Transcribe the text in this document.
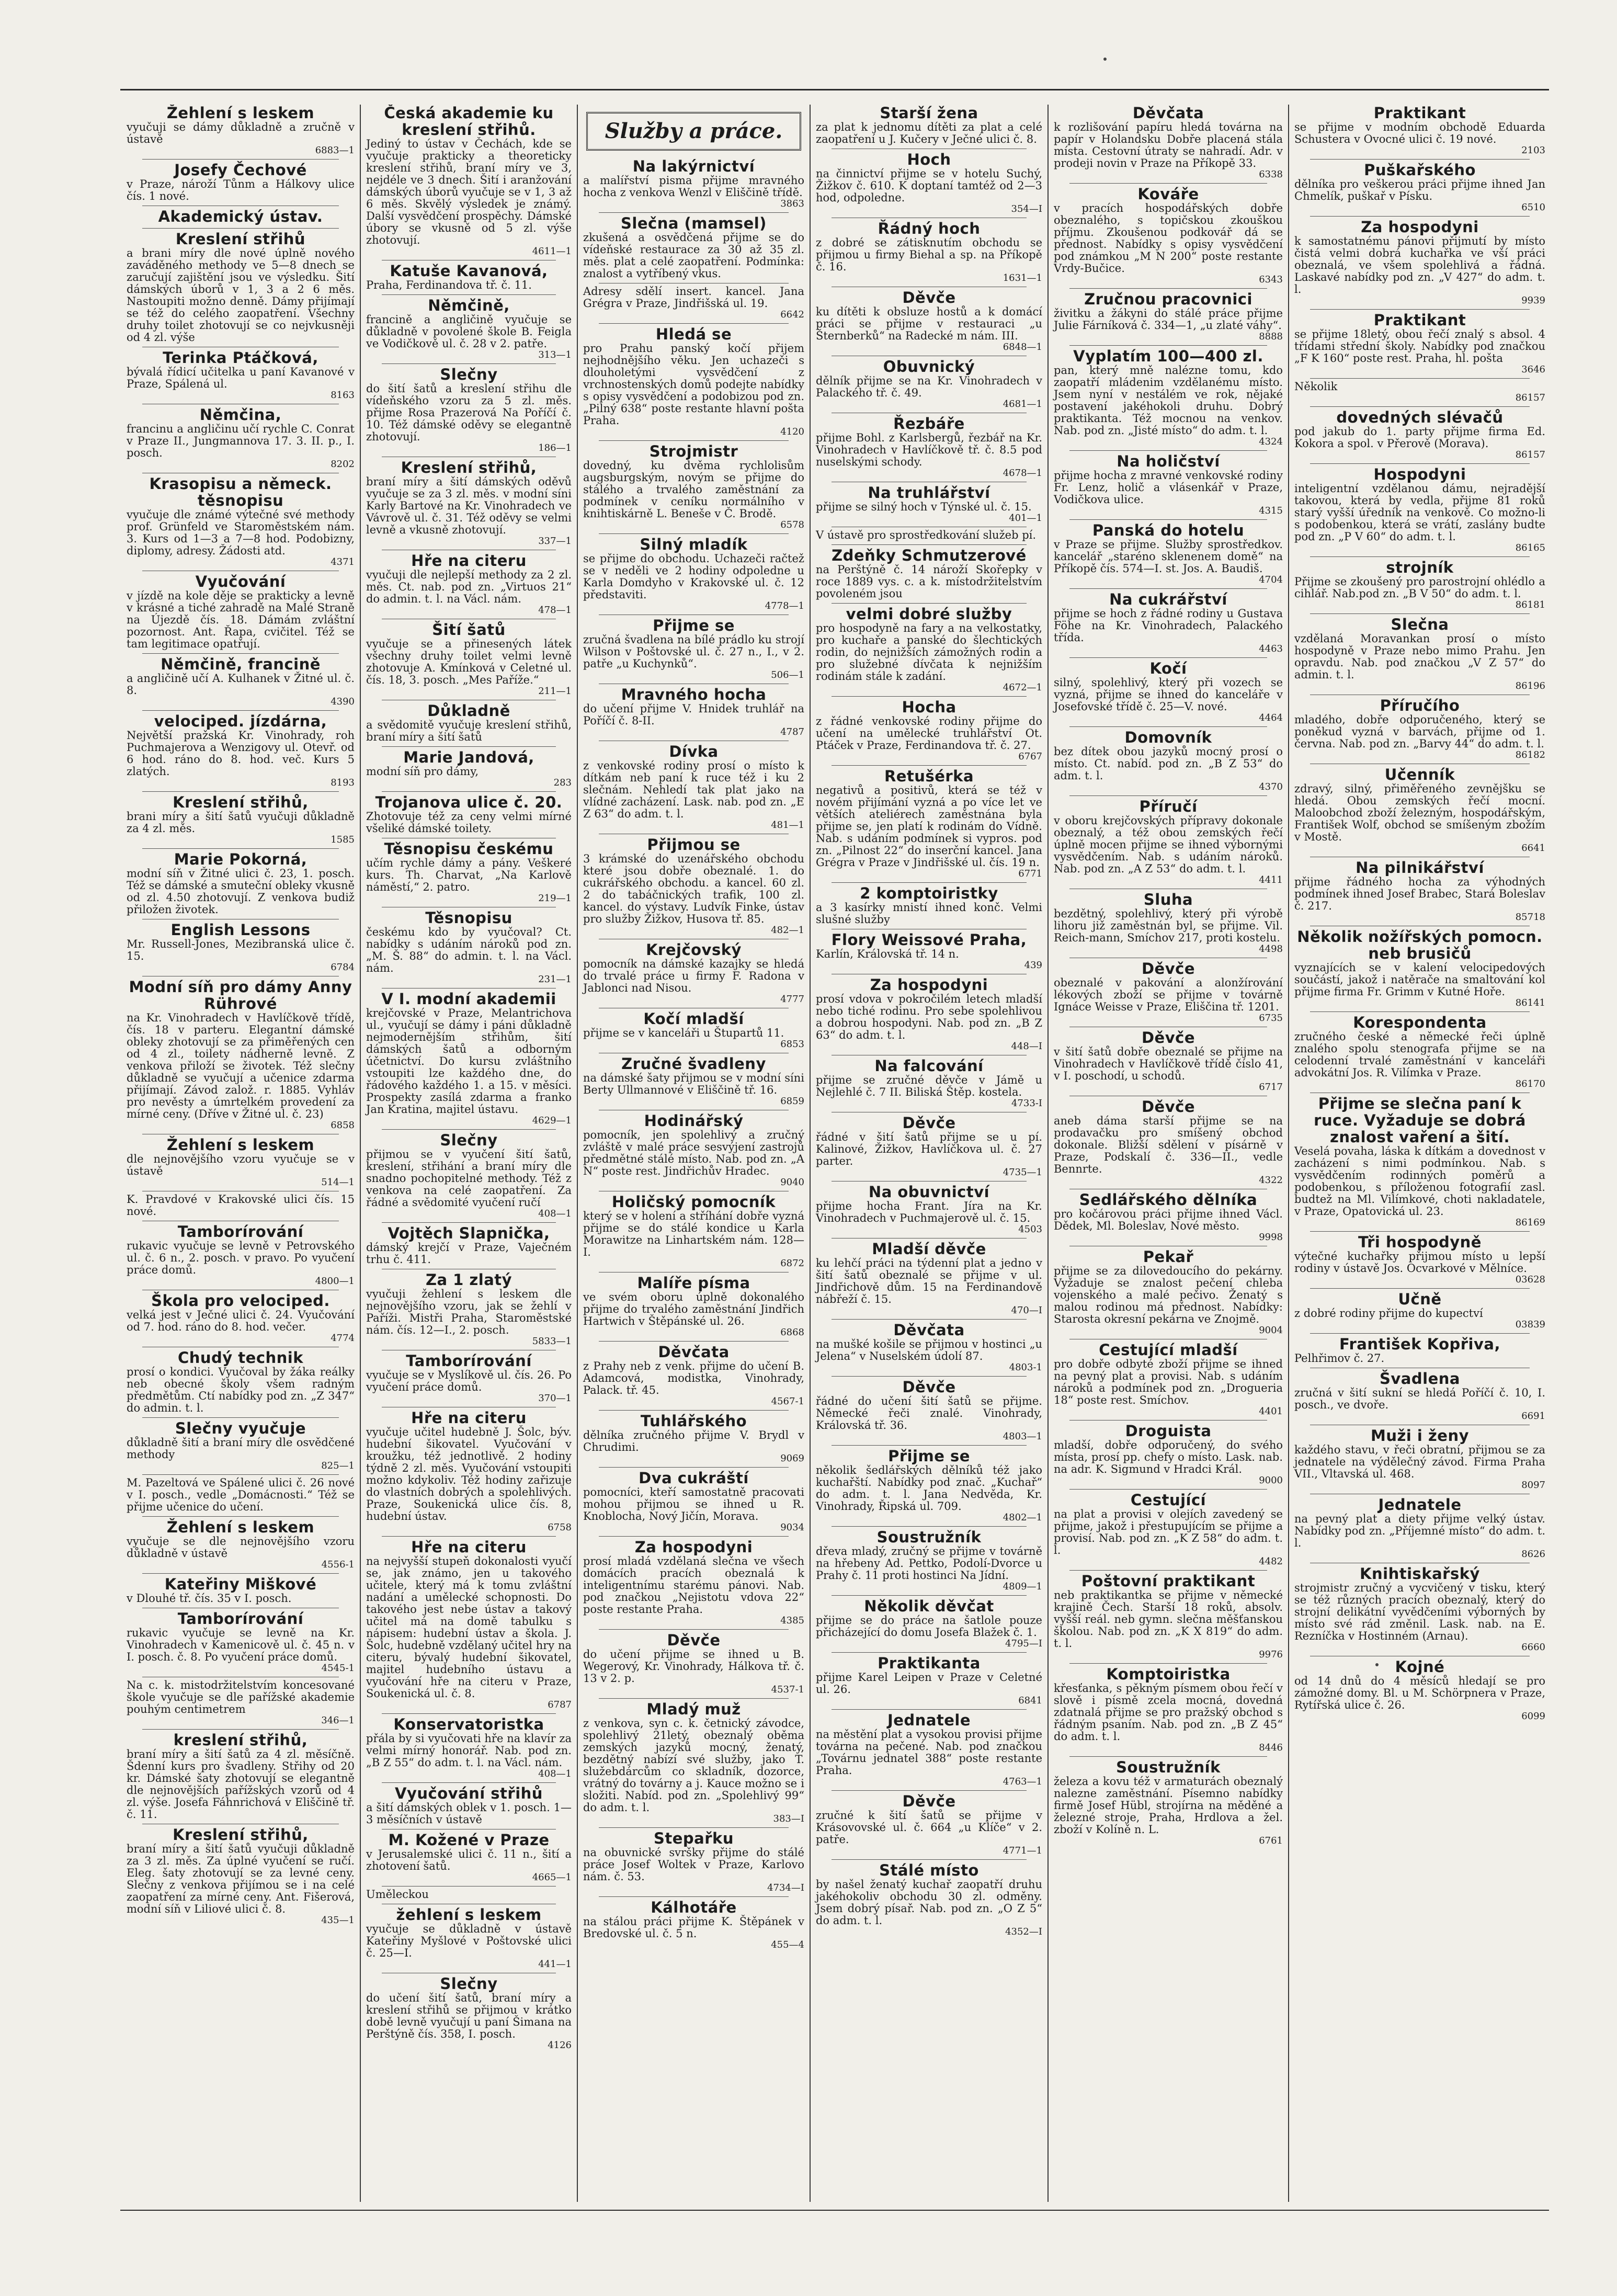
Žehlení s leskem

vyučuji se dámy důkladně a zručně v ústavě

6883—1
Josefy Čechové

v Praze, nároží Tůnm a Hálkovy ulice čís. 1 nové.

Akademický ústav.
Kreslení střihů

a brani míry dle nové úplně nového zaváděného methody ve 5—8 dnech se zaručují zajištění jsou ve výsledku. Šití dámských úborů v 1, 3 a 2 6 měs. Nastoupiti možno denně. Dámy přijímají se též do celého zaopatření. Všechny druhy toilet zhotovují se co nejvkusněji od 4 zl. výše

Terinka Ptáčková,

bývalá řídicí učitelka u paní Kavanové v Praze, Spálená ul.

8163
Němčina,

francinu a angličinu učí rychle C. Conrat v Praze II., Jungmannova 17. 3. II. p., I. posch.

8202
Krasopisu a německ. těsnopisu

vyučuje dle známé výtečné své methody prof. Grünfeld ve Staroměstském nám. 3. Kurs od 1—3 a 7—8 hod. Podobizny, diplomy, adresy. Žádosti atd.

4371
Vyučování

v jízdě na kole děje se prakticky a levně v krásné a tiché zahradě na Malé Straně na Újezdě čís. 18. Dámám zvláštní pozornost. Ant. Řapa, cvičitel. Též se tam legitimace opatřují.

Němčině, francině

a angličině učí A. Kulhanek v Žitné ul. č. 8.

4390
velociped. jízdárna,

Největší pražská Kr. Vinohrady, roh Puchmajerova a Wenzigovy ul. Otevř. od 6 hod. ráno do 8. hod. več. Kurs 5 zlatých.

8193
Kreslení střihů,

brani míry a šití šatů vyučuji důkladně za 4 zl. měs.

1585
Marie Pokorná,

modní síň v Žitné ulici č. 23, 1. posch. Též se dámské a smuteční obleky vkusně od zl. 4.50 zhotovují. Z venkova budiž přiložen životek.

English Lessons

Mr. Russell-Jones, Mezibranská ulice č. 15.

6784
Modní síň pro dámy Anny Rührové

na Kr. Vinohradech v Havlíčkově třídě, čís. 18 v parteru. Elegantní dámské obleky zhotovují se za přiměřených cen od 4 zl., toilety nádherně levně. Z venkova přiloží se životek. Též slečny důkladně se vyučují a učenice zdarma přijímají. Závod založ. r. 1885. Vyhláv pro nevěsty a úmrtelkém provedení za mírné ceny. (Dříve v Žitné ul. č. 23)

6858
Žehlení s leskem

dle nejnovějšího vzoru vyučuje se v ústavě

514—1

K. Pravdové v Krakovské ulici čís. 15 nové.

Tamborírování

rukavic vyučuje se levně v Petrovského ul. č. 6 n., 2. posch. v pravo. Po vyučení práce domů.

4800—1
Škola pro velociped.

velká jest v Ječné ulici č. 24. Vyučování od 7. hod. ráno do 8. hod. večer.

4774
Chudý technik

prosí o kondici. Vyučoval by žáka reálky neb obecné školy všem radným předmětům. Ctí nabídky pod zn. „Z 347“ do admin. t. l.

Slečny vyučuje

důkladně šití a braní míry dle osvědčené methody

825—1

M. Pazeltová ve Spálené ulici č. 26 nové v I. posch., vedle „Domácnosti.“ Též se přijme učenice do učení.

Žehlení s leskem

vyučuje se dle nejnovějšího vzoru důkladně v ústavě

4556-1
Kateřiny Miškové

v Dlouhé tř. čís. 35 v I. posch.

Tamborírování

rukavic vyučuje se levně na Kr. Vinohradech v Kamenicově ul. č. 45 n. v I. posch. č. 8. Po vyučení práce domů.

4545-1

Na c. k. mistodržitelstvím koncesované škole vyučuje se dle pařížské akademie pouhým centimetrem

346—1
kreslení střihů,

braní míry a šití šatů za 4 zl. měsíčně. Šdenní kurs pro švadleny. Střihy od 20 kr. Dámské šaty zhotovují se elegantně dle nejnovějších pařížských vzorů od 4 zl. výše. Josefa Fáhnrichová v Eliščině tř. č. 11.

Kreslení střihů,

braní míry a šití šatů vyučuji důkladně za 3 zl. měs. Za úplné vyučení se ručí. Eleg. šaty zhotovují se za levné ceny. Slečny z venkova přijímou se i na celé zaopatření za mírné ceny. Ant. Fišerová, modní síň v Liliové ulici č. 8.

435—1
Česká akademie ku kreslení střihů.

Jediný to ústav v Čechách, kde se vyučuje prakticky a theoreticky kreslení střihů, braní míry ve 3, nejdéle ve 3 dnech. Šití i aranžování dámských úborů vyučuje se v 1, 3 až 6 měs. Skvělý výsledek je známý. Další vysvědčení prospěchy. Dámské úbory se vkusně od 5 zl. výše zhotovují.

4611—1
Katuše Kavanová,

Praha, Ferdinandova tř. č. 11.

Němčině,

francině a angličině vyučuje se důkladně v povolené škole B. Feigla ve Vodičkově ul. č. 28 v 2. patře.

313—1
Slečny

do šití šatů a kreslení střihu dle vídeňského vzoru za 5 zl. měs. přijme Rosa Prazerová Na Poříčí č. 10. Též dámské oděvy se elegantně zhotovují.

186—1
Kreslení střihů,

braní míry a šití dámských oděvů vyučuje se za 3 zl. měs. v modní síni Karly Bartové na Kr. Vinohradech ve Vávrově ul. č. 31. Též oděvy se velmi levně a vkusně zhotovují.

337—1
Hře na citeru

vyučuji dle nejlepší methody za 2 zl. měs. Ct. nab. pod zn. „Virtuos 21“ do admin. t. l. na Václ. nám.

478—1
Šití šatů

vyučuje se a přinesených látek všechny druhy toilet velmi levně zhotovuje A. Kmínková v Celetné ul. čís. 18, 3. posch. „Mes Paříže.“

211—1
Důkladně

a svědomitě vyučuje kreslení střihů, braní míry a šití šatů

Marie Jandová,

modní síň pro dámy,

283
Trojanova ulice č. 20.

Zhotovuje též za ceny velmi mírné všeliké dámské toilety.

Těsnopisu českému

učím rychle dámy a pány. Veškeré kurs. Th. Charvat, „Na Karlově náměstí,“ 2. patro.

219—1
Těsnopisu

českému kdo by vyučoval? Ct. nabídky s udáním nároků pod zn. „M. Š. 88“ do admin. t. l. na Václ. nám.

231—1
V I. modní akademii

krejčovské v Praze, Melantrichova ul., vyučují se dámy i páni důkladně nejmodernějším střihům, šití dámských šatů a odborným účetnictví. Do kursu zvláštního vstoupiti lze každého dne, do řádového každého 1. a 15. v měsíci. Prospekty zasílá zdarma a franko Jan Kratina, majitel ústavu.

4629—1
Slečny

přijmou se v vyučení šití šatů, kreslení, střihání a braní míry dle snadno pochopitelné methody. Též z venkova na celé zaopatření. Za řádné a svědomité vyučení ručí

408—1
Vojtěch Slapnička,

dámský krejčí v Praze, Vaječném trhu č. 411.

Za 1 zlatý

vyučuji žehlení s leskem dle nejnovějšího vzoru, jak se žehlí v Paříži. Mistři Praha, Staroměstské nám. čís. 12—I., 2. posch.

5833—1
Tamborírování

vyučuje se v Myslíkově ul. čís. 26. Po vyučení práce domů.

370—1
Hře na citeru

vyučuje učitel hudebně J. Šolc, býv. hudební šikovatel. Vyučování v kroužku, též jednotlivě. 2 hodiny týdně 2 zl. měs. Vyučování vstoupiti možno kdykoliv. Též hodiny zařizuje do vlastních dobrých a spolehlivých. Praze, Soukenická ulice čís. 8, hudební ústav.

6758
Hře na citeru

na nejvyšší stupeň dokonalosti vyučí se, jak známo, jen u takového učitele, který má k tomu zvláštní nadání a umělecké schopnosti. Do takového jest nebe ústav a takový učitel má na domě tabulku s nápisem: hudební ústav a škola. J. Šolc, hudebně vzdělaný učitel hry na citeru, bývalý hudební šikovatel, majitel hudebního ústavu a vyučování hře na citeru v Praze, Soukenická ul. č. 8.

6787
Konservatoristka

přála by si vyučovati hře na klavír za velmi mírný honorář. Nab. pod zn. „B Z 55“ do adm. t. l. na Václ. nám.

408—1
Vyučování střihů

a šití dámských oblek v 1. posch. 1—3 měsíčních v ústavě

M. Kožené v Praze

v Jerusalemské ulici č. 11 n., šití a zhotovení šatů.

4665—1

Uměleckou

žehlení s leskem

vyučuje se důkladně v ústavě Kateřiny Myšlové v Poštovské ulici č. 25—I.

441—1
Slečny

do učení šití šatů, braní míry a kreslení střihů se přijmou v krátko době levně vyučují u paní Šimana na Perštýně čís. 358, I. posch.

4126
Služby a práce.
Na lakýrnictví

a malířství pisma přijme mravného hocha z venkova Wenzl v Eliščině třídě.

3863
Slečna (mamsel)

zkušená a osvědčená přijme se do vídeňské restaurace za 30 až 35 zl. měs. plat a celé zaopatření. Podmínka: znalost a vytříbený vkus.

Adresy sdělí insert. kancel. Jana Grégra v Praze, Jindřišská ul. 19.

6642
Hledá se

pro Prahu panský kočí přijem nejhodnějšího věku. Jen uchazeči s dlouholetými vysvědčení z vrchnostenských domů podejte nabídky s opisy vysvědčení a podobizou pod zn. „Pilný 638“ poste restante hlavní pošta Praha.

4120
Strojmistr

dovedný, ku dvěma rychlolisům augsburgským, novým se přijme do stálého a trvalého zaměstnání za podmínek v ceníku normálního v knihtiskárně L. Beneše v Č. Brodě.

6578
Silný mladík

se přijme do obchodu. Uchazeči račtež se v neděli ve 2 hodiny odpoledne u Karla Domdyho v Krakovské ul. č. 12 představiti.

4778—1
Přijme se

zručná švadlena na bílé prádlo ku strojí Wilson v Poštovské ul. č. 27 n., I., v 2. patře „u Kuchynků“.

506—1
Mravného hocha

do učení přijme V. Hnidek truhlář na Poříčí č. 8-II.

4787
Dívka

z venkovské rodiny prosí o místo k dítkám neb paní k ruce též i ku 2 slečnám. Nehledí tak plat jako na vlídné zacházení. Lask. nab. pod zn. „E Z 63“ do adm. t. l.

481—1
Přijmou se

3 krámské do uzenářského obchodu které jsou dobře obeznalé. 1. do cukrářského obchodu. a kancel. 60 zl. 2 do tabáčnických trafik, 100 zl. kancel. do výstavy. Ludvík Finke, ústav pro služby Žižkov, Husova tř. 85.

482—1
Krejčovský

pomocník na dámské kazajky se hledá do trvalé práce u firmy F. Radona v Jablonci nad Nisou.

4777
Kočí mladší

přijme se v kanceláři u Štupartů 11.

6853
Zručné švadleny

na dámské šaty přijmou se v modní síni Berty Ullmannové v Eliščině tř. 16.

6859
Hodinářský

pomocník, jen spolehlivý a zručný zvláště v malé práce sesvýjení zastrojů předmětné stálé místo. Nab. pod zn. „A N“ poste rest. Jindřichův Hradec.

9040
Holičský pomocník

který se v holení a stříhání dobře vyzná přijme se do stálé kondice u Karla Morawitze na Linhartském nám. 128—I.

6872
Malíře písma

ve svém oboru úplně dokonalého přijme do trvalého zaměstnání Jindřich Hartwich v Štěpánské ul. 26.

6868
Děvčata

z Prahy neb z venk. přijme do učení B. Adamcová, modistka, Vinohrady, Palack. tř. 45.

4567-1
Tuhlářského

dělníka zručného přijme V. Brydl v Chrudimi.

9069
Dva cukráští

pomocníci, kteří samostatně pracovati mohou přijmou se ihned u R. Knoblocha, Nový Jičín, Morava.

9034
Za hospodyni

prosí mladá vzdělaná slečna ve všech domácích pracích obeznalá k inteligentnímu starému pánovi. Nab. pod značkou „Nejistotu vdova 22“ poste restante Praha.

4385
Děvče

do učení přijme se ihned u B. Wegerový, Kr. Vinohrady, Hálkova tř. č. 13 v 2. p.

4537-1
Mladý muž

z venkova, syn c. k. četnický závodce, spolehlivý 21letý, obeznalý oběma zemských jazyků mocný, ženatý, bezdětný nabízí své služby, jako T. služebdárcům co skladník, dozorce, vrátný do továrny a j. Kauce možno se i složiti. Nabíd. pod zn. „Spolehlivý 99“ do adm. t. l.

383—I
Stepařku

na obuvnické svršky přijme do stálé práce Josef Woltek v Praze, Karlovo nám. č. 53.

4734—I
Kálhotáře

na stálou práci přijme K. Štěpánek v Bredovské ul. č. 5 n.

455—4
Starší žena

za plat k jednomu dítěti za plat a celé zaopatření u J. Kučery v Ječné ulici č. 8.

Hoch

na činnictví přijme se v hotelu Suchý, Žižkov č. 610. K doptaní tamtéž od 2—3 hod, odpoledne.

354—I
Řádný hoch

z dobré se zátisknutím obchodu se přijmou u firmy Biehal a sp. na Příkopě č. 16.

1631—1
Děvče

ku dítěti k obsluze hostů a k domácí práci se přijme v restauraci „u Šternberků“ na Radecké m nám. III.

6848—1
Obuvnický

dělník přijme se na Kr. Vinohradech v Palackého tř. č. 49.

4681—1
Řezbáře

přijme Bohl. z Karlsbergů, řezbář na Kr. Vinohradech v Havlíčkově tř. č. 8.5 pod nuselskými schody.

4678—1
Na truhlářství

přijme se silný hoch v Týnské ul. č. 15.

401—1

V ústavě pro sprostředkování služeb pí.

Zdeňky Schmutzerové

na Perštýně č. 14 nároží Skořepky v roce 1889 vys. c. a k. místodržitelstvím povoleném jsou

velmi dobré služby

pro hospodyně na fary a na velkostatky, pro kuchaře a panské do šlechtických rodin, do nejnižších zámožných rodin a pro služebné dívčata k nejnižším rodinám stále k zadání.

4672—1
Hocha

z řádné venkovské rodiny přijme do učení na umělecké truhlářství Ot. Ptáček v Praze, Ferdinandova tř. č. 27.

6767
Retušérka

negativů a positivů, která se též v novém přijímání vyzná a po více let ve větších ateliérech zaměstnána byla přijme se, jen platí k rodinám do Vídně. Nab. s udáním podmínek si vypros. pod zn. „Pilnost 22“ do inserční kancel. Jana Grégra v Praze v Jindřišské ul. čís. 19 n.

6771
2 komptoiristky

a 3 kasírky mnistí ihned konč. Velmi slušné služby

Flory Weissové Praha,

Karlín, Královská tř. 14 n.

439
Za hospodyni

prosí vdova v pokročilém letech mladší nebo tiché rodinu. Pro sebe spolehlivou a dobrou hospodyni. Nab. pod zn. „B Z 63“ do adm. t. l.

448—I
Na falcování

přijme se zručné děvče v Jámě u Nejlehlé č. 7 II. Biliská Štěp. kostela.

4733-I
Děvče

řádné v šití šatů přijme se u pí. Kalinové, Žižkov, Havlíčkova ul. č. 27 parter.

4735—1
Na obuvnictví

přijme hocha Frant. Jíra na Kr. Vinohradech v Puchmajerově ul. č. 15.

4503
Mladší děvče

ku lehčí práci na týdenní plat a jedno v šití šatů obeznalé se přijme v ul. Jindřichově dům. 15 na Ferdinandově nábřeží č. 15.

470—I
Děvčata

na mušké košile se přijmou v hostinci „u Jelena“ v Nuselském údolí 87.

4803-1
Děvče

řádné do učení šití šatů se přijme. Německé řeči znalé. Vinohrady, Královská tř. 36.

4803—1
Přijme se

několik šedlářských dělníků též jako kuchařští. Nabídky pod znač. „Kuchař“ do adm. t. l. Jana Nedvěda, Kr. Vinohrady, Řipská ul. 709.

4802—1
Soustružník

dřeva mladý, zručný se přijme v továrně na hřebeny Ad. Pettko, Podolí-Dvorce u Prahy č. 11 proti hostinci Na Jídní.

4809—1
Několik děvčat

přijme se do práce na šatlole pouze přicházející do domu Josefa Blažek č. 1.

4795—I
Praktikanta

přijme Karel Leipen v Praze v Celetné ul. 26.

6841
Jednatele

na městění plat a vysokou provisi přijme továrna na pečené. Nab. pod značkou „Továrnu jednatel 388“ poste restante Praha.

4763—1
Děvče

zručné k šití šatů se přijme v Krásovovské ul. č. 664 „u Klíče“ v 2. patře.

4771—1
Stálé místo

by našel ženatý kuchař zaopatří druhu jakéhokoliv obchodu 30 zl. odměny. Jsem dobrý písař. Nab. pod zn. „O Z 5“ do adm. t. l.

4352—I
Děvčata

k rozlišování papíru hledá továrna na papír v Holandsku Dobře placená stála místa. Cestovní útraty se nahradí. Adr. v prodeji novin v Praze na Příkopě 33.

6338
Kováře

v pracích hospodářských dobře obeznalého, s topičskou zkouškou příjmu. Zkoušenou podkovář dá se přednost. Nabídky s opisy vysvědčení pod známkou „M N 200“ poste restante Vrdy-Bučice.

6343
Zručnou pracovnici

živitku a žákyni do stálé práce přijme Julie Fárníková č. 334—1, „u zlaté váhy“.

8888
Vyplatím 100—400 zl.

pan, který mně nalézne tomu, kdo zaopatří mládenim vzdělanému místo. Jsem nyní v nestálém ve rok, nějaké postavení jakéhokoli druhu. Dobrý praktikanta. Též mocnou na venkov. Nab. pod zn. „Jisté místo“ do adm. t. l.

4324
Na holičství

přijme hocha z mravné venkovské rodiny Fr. Lenz, holič a vlásenkář v Praze, Vodičkova ulice.

4315
Panská do hotelu

v Praze se přijme. Služby sprostředkov. kancelář „staréno sklenenem domě“ na Příkopě čís. 574—I. st. Jos. A. Baudiš.

4704
Na cukrářství

přijme se hoch z řádné rodiny u Gustava Föhe na Kr. Vinohradech, Palackého třída.

4463
Kočí

silný, spolehlivý, který při vozech se vyzná, přijme se ihned do kanceláře v Josefovské třídě č. 25—V. nové.

4464
Domovník

bez dítek obou jazyků mocný prosí o místo. Ct. nabíd. pod zn. „B Z 53“ do adm. t. l.

4370
Příručí

v oboru krejčovských přípravy dokonale obeznalý, a též obou zemských řečí úplně mocen přijme se ihned výbornými vysvědčením. Nab. s udáním nároků. Nab. pod zn. „A Z 53“ do adm. t. l.

4411
Sluha

bezdětný, spolehlivý, který při výrobě lihoru již zaměstnán byl, se přijme. Vil. Reich-mann, Smíchov 217, proti kostelu.

4498
Děvče

obeznalé v pakování a alonžírování lékových zboží se přijme v továrně Ignáce Weisse v Praze, Eliščina tř. 1201.

6735
Děvče

v šití šatů dobře obeznalé se přijme na Vinohradech v Havlíčkově třídě číslo 41, v I. poschodí, u schodů.

6717
Děvče

aneb dáma starší přijme se na prodavačku pro smíšený obchod dokonale. Bližší sdělení v písárně v Praze, Podskalí č. 336—II., vedle Bennrte.

4322
Sedlářského dělníka

pro kočárovou práci přijme ihned Václ. Dědek, Ml. Boleslav, Nové město.

9998
Pekař

přijme se za dilovedoucího do pekárny. Vyžaduje se znalost pečení chleba vojenského a malé pečivo. Ženatý s malou rodinou má přednost. Nabídky: Starosta okresní pekárna ve Znojmě.

9004
Cestující mladší

pro dobře odbyté zboží přijme se ihned na pevný plat a provisi. Nab. s udáním nároků a podmínek pod zn. „Drogueria 18“ poste rest. Smíchov.

4401
Droguista

mladší, dobře odporučený, do svého místa, prosí pp. chefy o místo. Lask. nab. na adr. K. Sigmund v Hradci Král.

9000
Cestující

na plat a provisi v olejích zavedený se přijme, jakož i přestupujícím se přijme a provisí. Nab. pod zn. „K Z 58“ do adm. t. l.

4482
Poštovní praktikant

neb praktikantka se přijme v německé krajině Čech. Starší 18 roků, absolv. vyšší reál. neb gymn. slečna měšťanskou školou. Nab. pod zn. „K X 819“ do adm. t. l.

9976
Komptoiristka

křesťanka, s pěkným písmem obou řečí v slově i písmě zcela mocná, dovedná zdatnalá přijme se pro pražský obchod s řádným psaním. Nab. pod zn. „B Z 45“ do adm. t. l.

8446
Soustružník

železa a kovu též v armaturách obeznalý nalezne zaměstnání. Písemno nabídky firmě Josef Hübl, strojírna na měděné a železné stroje, Praha, Hrdlova a žel. zboží v Kolíně n. L.

6761
Praktikant

se přijme v modním obchodě Eduarda Schustera v Ovocné ulici č. 19 nové.

2103
Puškařského

dělníka pro veškerou práci přijme ihned Jan Chmelík, puškař v Písku.

6510
Za hospodyni

k samostatnému pánovi přijmutí by místo čistá velmi dobrá kuchařka ve vší práci obeznalá, ve všem spolehlivá a řádná. Laskavé nabídky pod zn. „V 427“ do adm. t. l.

9939
Praktikant

se přijme 18letý, obou řečí znalý s absol. 4 třídami střední školy. Nabídky pod značkou „F K 160“ poste rest. Praha, hl. pošta

3646

Několik

86157
dovedných slévačů

pod jakub do 1. party přijme firma Ed. Kokora a spol. v Přerově (Morava).

86157
Hospodyni

inteligentní vzdělanou dámu, nejradější takovou, která by vedla, přijme 81 roků starý vyšší úředník na venkově. Co možno-li s podobenkou, která se vrátí, zaslány budte pod zn. „P V 60“ do adm. t. l.

86165
strojník

Přijme se zkoušený pro parostrojní ohlédlo a cihlář. Nab.pod zn. „B V 50“ do adm. t. l.

86181
Slečna

vzdělaná Moravankan prosí o místo hospodyně v Praze nebo mimo Prahu. Jen opravdu. Nab. pod značkou „V Z 57“ do admin. t. l.

86196
Příručího

mladého, dobře odporučeného, který se poněkud vyzná v barvách, přijme od 1. června. Nab. pod zn. „Barvy 44“ do adm. t. l.

86182
Učenník

zdravý, silný, přiměřeného zevnějšku se hledá. Obou zemských řečí mocní. Maloobchod zboží železným, hospodářským, František Wolf, obchod se smíšeným zbožím v Mostě.

6641
Na pilnikářství

přijme řádného hocha za výhodných podmínek ihned Josef Brabec, Stará Boleslav č. 217.

85718
Několik nožířských pomocn. neb brusičů

vyznajících se v kalení velocipedových součástí, jakož i natěrače na smaltování kol přijme firma Fr. Grimm v Kutné Hoře.

86141
Korespondenta

zručného české a německé řeči úplně znalého spolu stenografa přijme se na celodenní trvalé zaměstnání v kanceláři advokátní Jos. R. Vilímka v Praze.

86170
Přijme se slečna paní k ruce. Vyžaduje se dobrá znalost vaření a šití.

Veselá povaha, láska k dítkám a dovednost v zacházení s nimi podmínkou. Nab. s vysvědčením rodinných poměrů a podobenkou, s příloženou fotografií zasl. budtež na Ml. Vilímkové, choti nakladatele, v Praze, Opatovická ul. 23.

86169
Tři hospodyně

výtečné kuchařky přijmou místo u lepší rodiny v ústavě Jos. Ocvarkové v Mělníce.

03628
Učně

z dobré rodiny přijme do kupectví

03839
František Kopřiva,

Pelhřimov č. 27.

Švadlena

zručná v šití sukní se hledá Poříčí č. 10, I. posch., ve dvoře.

6691
Muži i ženy

každého stavu, v řeči obratní, přijmou se za jednatele na výdělečný závod. Firma Praha VII., Vltavská ul. 468.

8097
Jednatele

na pevný plat a diety přijme velký ústav. Nabídky pod zn. „Příjemné místo“ do adm. t. l.

8626
Knihtiskařský

strojmistr zručný a vycvičený v tisku, který se též různých pracích obeznalý, který do strojní delikátní vyvědčeními výborných by místo své rád změnil. Lask. nab. na E. Rezníčka v Hostinném (Arnau).

6660
Kojné

od 14 dnů do 4 měsíců hledají se pro zámožné domy. Bl. u M. Schörpnera v Praze, Rytířská ulice č. 26.

6099
